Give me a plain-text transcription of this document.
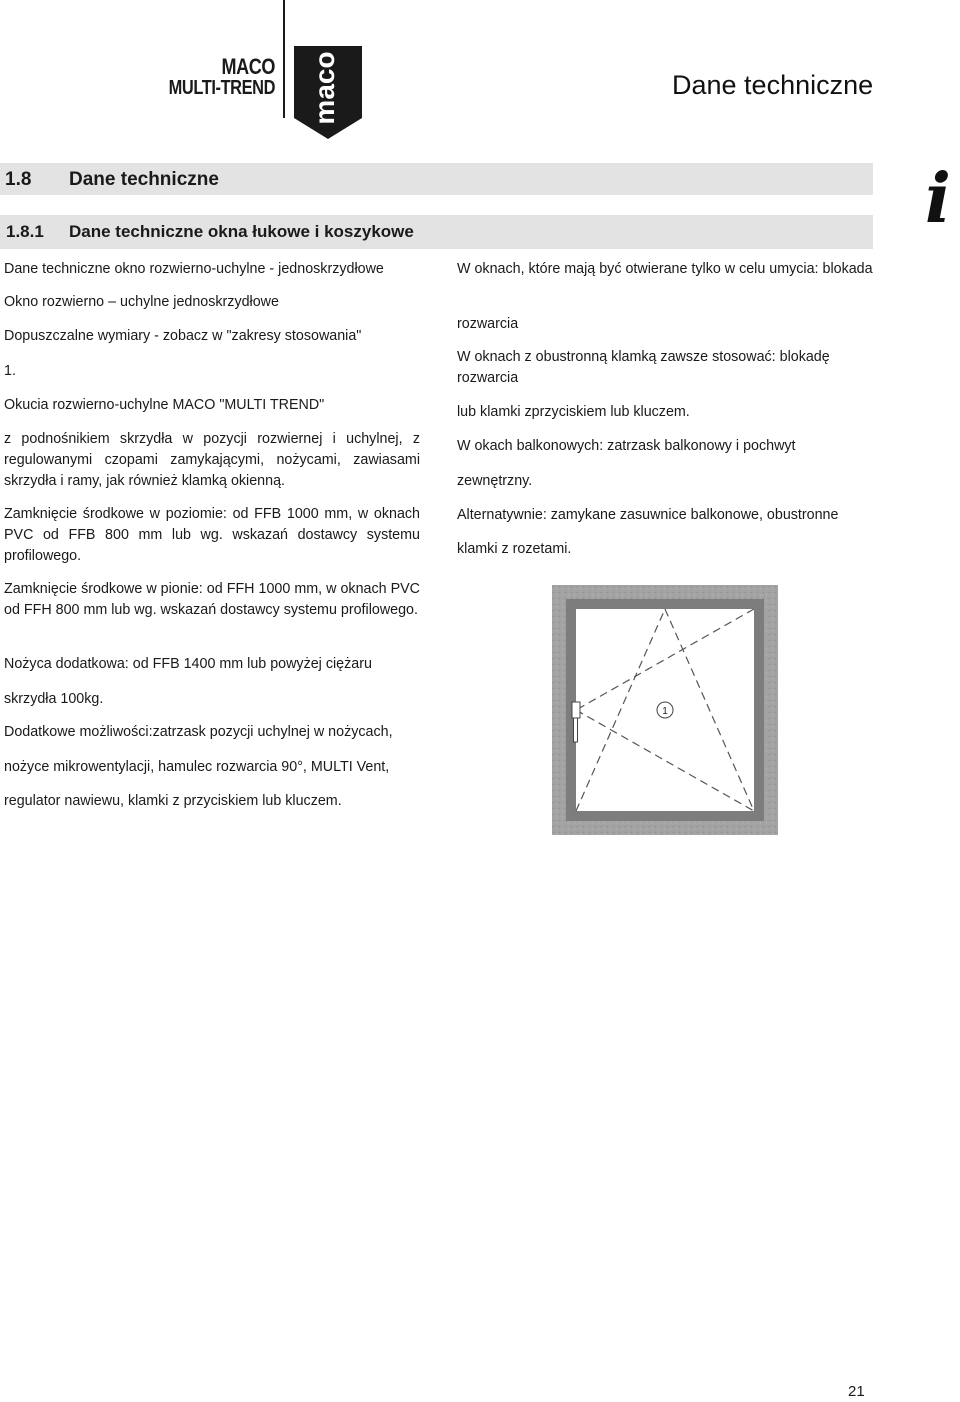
MACO
MULTI-TREND maco	Dane techniczne
1.8 Dane techniczne
1.8.1 Dane techniczne okna łukowe i koszykowe	i
Dane techniczne okno rozwierno-uchylne - jednoskrzydłowe
Okno rozwierno – uchylne jednoskrzydłowe
Dopuszczalne wymiary - zobacz w "zakresy stosowania"
1.
Okucia rozwierno-uchylne MACO "MULTI TREND"
z podnośnikiem skrzydła w pozycji rozwiernej i uchylnej, z regulowanymi czopami zamykającymi, nożycami, zawiasami skrzydła i ramy, jak również klamką okienną.
Zamknięcie środkowe w poziomie: od FFB 1000 mm, w oknach PVC od FFB 800 mm lub wg. wskazań dostawcy systemu profilowego.
Zamknięcie środkowe w pionie: od FFH 1000 mm, w oknach PVC od FFH 800 mm lub wg. wskazań dostawcy systemu profilowego.
Nożyca dodatkowa: od FFB 1400 mm lub powyżej ciężaru
skrzydła 100kg.
Dodatkowe możliwości:zatrzask pozycji uchylnej w nożycach,
nożyce mikrowentylacji, hamulec rozwarcia 90°, MULTI Vent,
regulator nawiewu, klamki z przyciskiem lub kluczem.
W oknach, które mają być otwierane tylko w celu umycia: blokada
rozwarcia
W oknach z obustronną klamką zawsze stosować: blokadę rozwarcia
lub klamki zprzyciskiem lub kluczem.
W okach balkonowych: zatrzask balkonowy i pochwyt
zewnętrzny.
Alternatywnie: zamykane zasuwnice balkonowe, obustronne
klamki z rozetami.
1
21
